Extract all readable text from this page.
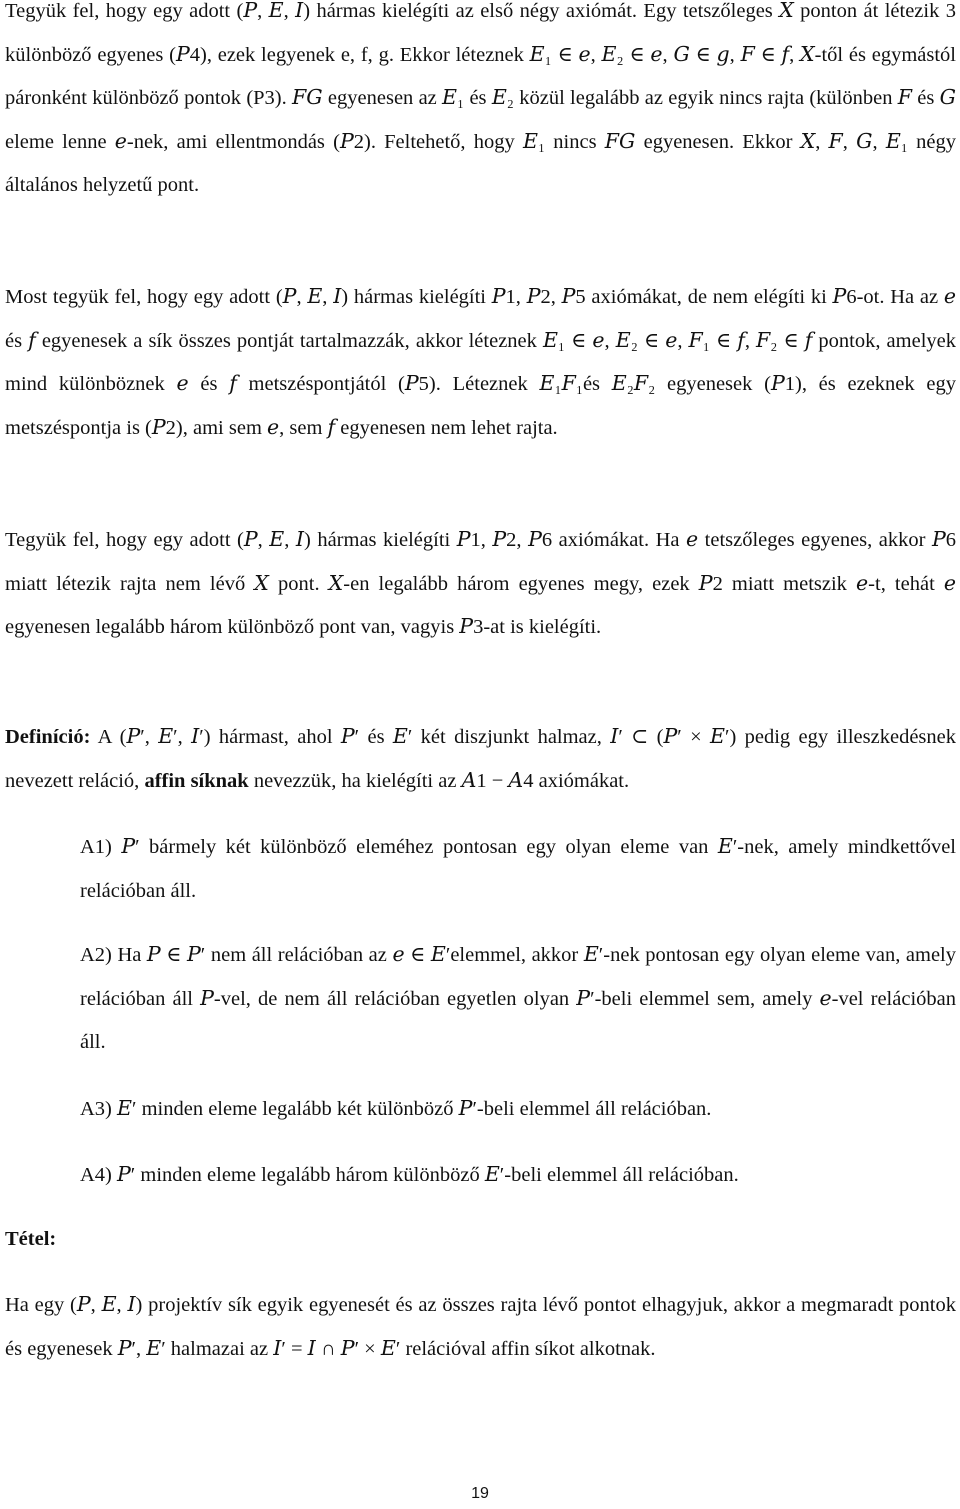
Tegyük fel, hogy egy adott (𝑃, 𝐸, 𝐼) hármas kielégíti az első négy axiómát. Egy tetszőleges 𝑋 ponton át létezik 3 különböző egyenes (𝑃4), ezek legyenek e, f, g. Ekkor léteznek 𝐸₁ ∈ 𝑒, 𝐸₂ ∈ 𝑒, 𝐺 ∈ 𝑔, 𝐹 ∈ 𝑓, 𝑋-től és egymástól páronként különböző pontok (P3). 𝐹𝐺 egyenesen az 𝐸₁ és 𝐸₂ közül legalább az egyik nincs rajta (különben 𝐹 és 𝐺 eleme lenne 𝑒-nek, ami ellentmondás (𝑃2). Feltehető, hogy 𝐸₁ nincs 𝐹𝐺 egyenesen. Ekkor 𝑋, 𝐹, 𝐺, 𝐸₁ négy általános helyzetű pont.

Most tegyük fel, hogy egy adott (𝑃, 𝐸, 𝐼) hármas kielégíti 𝑃1, 𝑃2, 𝑃5 axiómákat, de nem elégíti ki 𝑃6-ot. Ha az 𝑒 és 𝑓 egyenesek a sík összes pontját tartalmazzák, akkor léteznek 𝐸₁ ∈ 𝑒, 𝐸₂ ∈ 𝑒, 𝐹₁ ∈ 𝑓, 𝐹₂ ∈ 𝑓 pontok, amelyek mind különböznek 𝑒 és 𝑓 metszéspontjától (𝑃5). Léteznek 𝐸₁𝐹₁és 𝐸₂𝐹₂ egyenesek (𝑃1), és ezeknek egy metszéspontja is (𝑃2), ami sem 𝑒, sem 𝑓 egyenesen nem lehet rajta.

Tegyük fel, hogy egy adott (𝑃, 𝐸, 𝐼) hármas kielégíti 𝑃1, 𝑃2, 𝑃6 axiómákat. Ha 𝑒 tetszőleges egyenes, akkor 𝑃6 miatt létezik rajta nem lévő 𝑋 pont. 𝑋-en legalább három egyenes megy, ezek 𝑃2 miatt metszik 𝑒-t, tehát 𝑒 egyenesen legalább három különböző pont van, vagyis 𝑃3-at is kielégíti.

Definíció: A (𝑃′, 𝐸′, 𝐼′) hármast, ahol 𝑃′ és 𝐸′ két diszjunkt halmaz, 𝐼′ ⊂ (𝑃′ × 𝐸′) pedig egy illeszkedésnek nevezett reláció, affin síknak nevezzük, ha kielégíti az 𝐴1 − 𝐴4 axiómákat.

A1) 𝑃′ bármely két különböző eleméhez pontosan egy olyan eleme van 𝐸′-nek, amely mindkettővel relációban áll.

A2) Ha 𝑃 ∈ 𝑃′ nem áll relációban az 𝑒 ∈ 𝐸′elemmel, akkor 𝐸′-nek pontosan egy olyan eleme van, amely relációban áll 𝑃-vel, de nem áll relációban egyetlen olyan 𝑃′-beli elemmel sem, amely 𝑒-vel relációban áll.

A3) 𝐸′ minden eleme legalább két különböző 𝑃′-beli elemmel áll relációban.

A4) 𝑃′ minden eleme legalább három különböző 𝐸′-beli elemmel áll relációban.

Tétel:

Ha egy (𝑃, 𝐸, 𝐼) projektív sík egyik egyenesét és az összes rajta lévő pontot elhagyjuk, akkor a megmaradt pontok és egyenesek 𝑃′, 𝐸′ halmazai az 𝐼′ = 𝐼 ∩ 𝑃′ × 𝐸′ relációval affin síkot alkotnak.

19
